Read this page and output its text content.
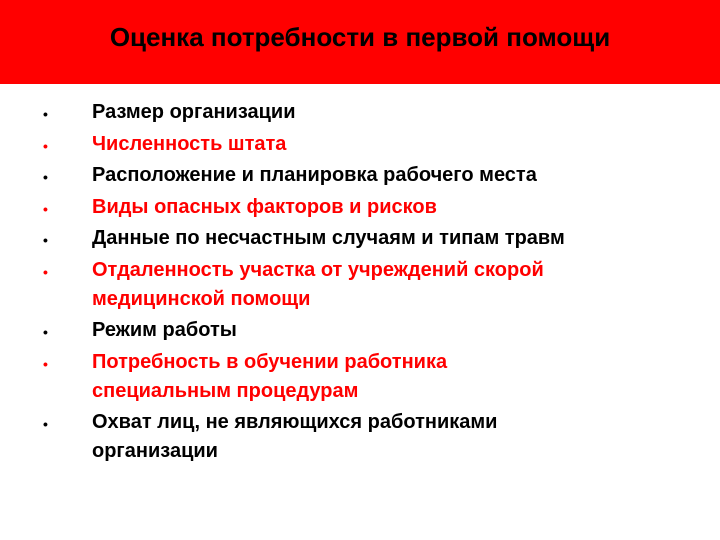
Оценка потребности в первой помощи
• Размер организации
• Численность штата
• Расположение и планировка рабочего места
• Виды опасных факторов и рисков
• Данные по несчастным случаям и типам травм
• Отдаленность участка от учреждений скорой
медицинской помощи
• Режим работы
• Потребность в обучении работника
специальным процедурам
• Охват лиц, не являющихся работниками
организации
